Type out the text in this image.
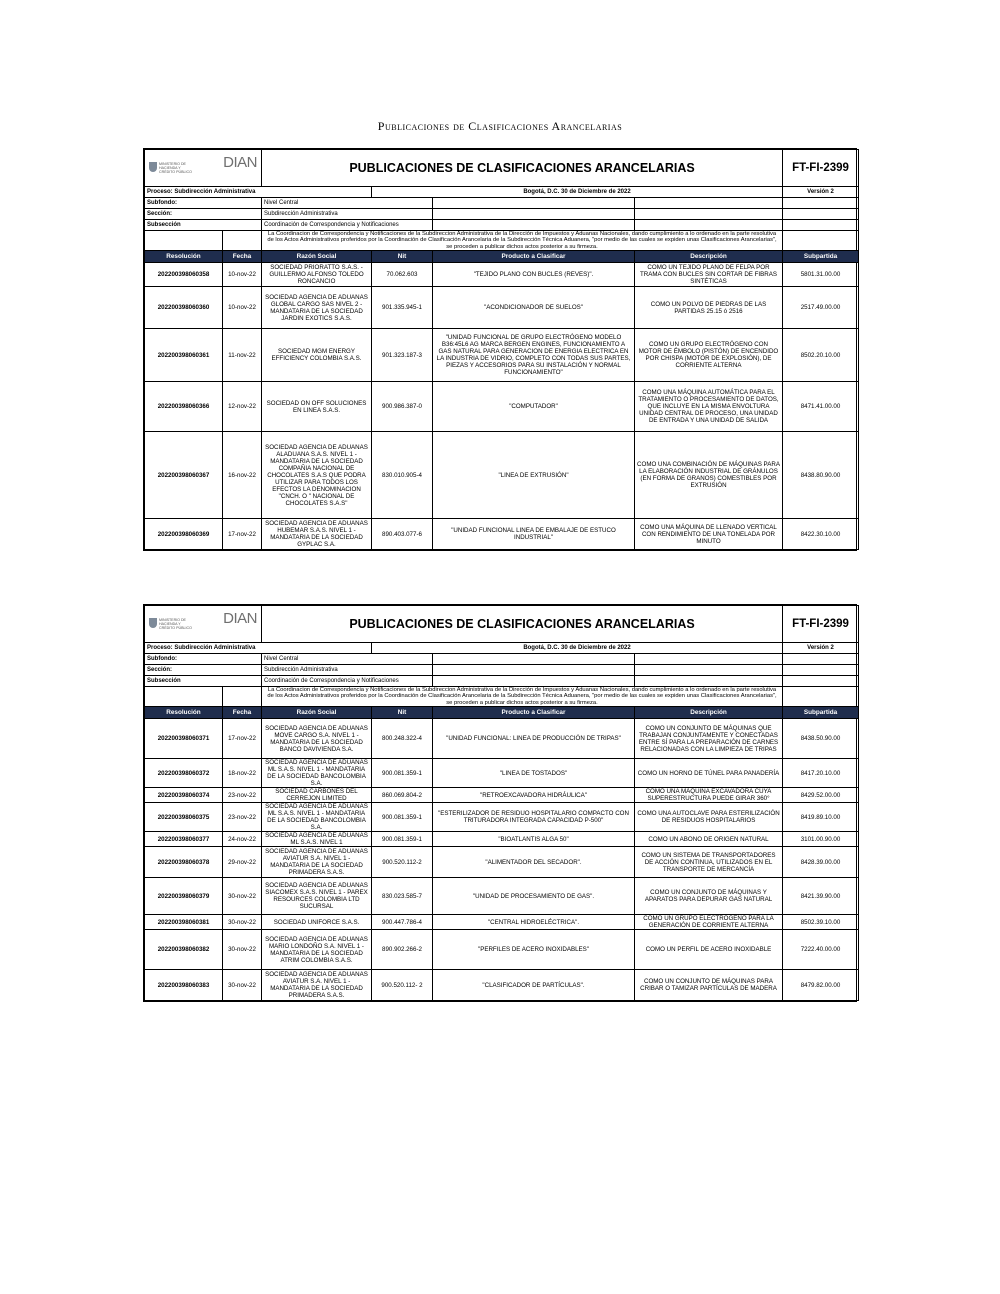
Publicaciones de Clasificaciones Arancelarias
MINISTERIO DE HACIENDA Y CRÉDITO PÚBLICO
DIAN		PUBLICACIONES DE CLASIFICACIONES ARANCELARIAS				FT-FI-2399
Proceso: Subdirección Administrativa			Bogotá, D.C. 30 de Diciembre de 2022			Versión 2
Subfondo:		Nivel Central				
Sección:		Subdirección Administrativa				
Subsección		Coordinación de Correspondencia y Notificaciones				
		La Coordinacion de Correspondencia y Notificaciones de la Subdireccion Administrativa de la Dirección de Impuestos y Aduanas Nacionales, dando cumplimiento a lo ordenado en la parte resolutiva de los Actos Administrativos proferidos por la Coordinación de Clasificación Arancelaria de la Subdirección Técnica Aduanera, "por medio de las cuales se expiden unas Clasificaciones Arancelarias", se proceden a publicar dichos actos posterior a su firmeza.				
Resolución	Fecha	Razón Social	Nit	Producto a Clasificar	Descripción	Subpartida
202200398060358	10-nov-22	SOCIEDAD PRIORATTO S.A.S. - GUILLERMO ALFONSO TOLEDO RONCANCIO	70.062.603	"TEJIDO PLANO CON BUCLES (REVES)".	COMO UN TEJIDO PLANO DE FELPA POR TRAMA CON BUCLES SIN CORTAR DE FIBRAS SINTÉTICAS	5801.31.00.00
202200398060360	10-nov-22	SOCIEDAD AGENCIA DE ADUANAS GLOBAL CARGO SAS NIVEL 2 - MANDATARIA DE LA SOCIEDAD JARDIN EXOTICS S.A.S.	901.335.945-1	"ACONDICIONADOR DE SUELOS"	COMO UN POLVO DE PIEDRAS DE LAS PARTIDAS 25.15 ó 2516	2517.49.00.00
202200398060361	11-nov-22	SOCIEDAD MGM ENERGY EFFICIENCY COLOMBIA S.A.S.	901.323.187-3	"UNIDAD FUNCIONAL DE GRUPO ELECTRÓGENO MODELO B36:45L6 AG MARCA BERGEN ENGINES, FUNCIONAMIENTO A GAS NATURAL PARA GENERACION DE ENERGIA ELECTRICA EN LA INDUSTRIA DE VIDRIO, COMPLETO CON TODAS SUS PARTES, PIEZAS Y ACCESORIOS PARA SU INSTALACIÓN Y NORMAL FUNCIONAMIENTO"	COMO UN GRUPO ELECTRÓGENO CON MOTOR DE ÉMBOLO (PISTÓN) DE ENCENDIDO POR CHISPA (MOTOR DE EXPLOSIÓN), DE CORRIENTE ALTERNA	8502.20.10.00
202200398060366	12-nov-22	SOCIEDAD ON OFF SOLUCIONES EN LINEA S.A.S.	900.986.387-0	"COMPUTADOR"	COMO UNA MÁQUINA AUTOMÁTICA PARA EL TRATAMIENTO O PROCESAMIENTO DE DATOS, QUE INCLUYE EN LA MISMA ENVOLTURA UNIDAD CENTRAL DE PROCESO, UNA UNIDAD DE ENTRADA Y UNA UNIDAD DE SALIDA	8471.41.00.00
202200398060367	16-nov-22	SOCIEDAD AGENCIA DE ADUANAS ALADUANA S.A.S. NIVEL 1 - MANDATARIA DE LA SOCIEDAD COMPAÑIA NACIONAL DE CHOCOLATES S.A.S QUE PODRA UTILIZAR PARA TODOS LOS EFECTOS LA DENOMINACION "CNCH. O " NACIONAL DE CHOCOLATES S.A.S"	830.010.905-4	"LINEA DE EXTRUSIÓN"	COMO UNA COMBINACIÓN DE MÁQUINAS PARA LA ELABORACIÓN INDUSTRIAL DE GRÁNULOS (EN FORMA DE GRANOS) COMESTIBLES POR EXTRUSIÓN	8438.80.90.00
202200398060369	17-nov-22	SOCIEDAD AGENCIA DE ADUANAS HUBEMAR S.A.S. NIVEL 1 - MANDATARIA DE LA SOCIEDAD GYPLAC S.A.	890.403.077-6	"UNIDAD FUNCIONAL LINEA DE EMBALAJE DE ESTUCO INDUSTRIAL"	COMO UNA MÁQUINA DE LLENADO VERTICAL CON RENDIMIENTO DE UNA TONELADA POR MINUTO	8422.30.10.00
MINISTERIO DE HACIENDA Y CRÉDITO PÚBLICO
DIAN		PUBLICACIONES DE CLASIFICACIONES ARANCELARIAS				FT-FI-2399
Proceso: Subdirección Administrativa			Bogotá, D.C. 30 de Diciembre de 2022			Versión 2
Subfondo:		Nivel Central				
Sección:		Subdirección Administrativa				
Subsección		Coordinación de Correspondencia y Notificaciones				
		La Coordinacion de Correspondencia y Notificaciones de la Subdireccion Administrativa de la Dirección de Impuestos y Aduanas Nacionales, dando cumplimiento a lo ordenado en la parte resolutiva de los Actos Administrativos proferidos por la Coordinación de Clasificación Arancelaria de la Subdirección Técnica Aduanera, "por medio de las cuales se expiden unas Clasificaciones Arancelarias", se proceden a publicar dichos actos posterior a su firmeza.				
Resolución	Fecha	Razón Social	Nit	Producto a Clasificar	Descripción	Subpartida
202200398060371	17-nov-22	SOCIEDAD AGENCIA DE ADUANAS MOVE CARGO S.A. NIVEL 1 - MANDATARIA DE LA SOCIEDAD BANCO DAVIVIENDA S.A.	800.248.322-4	"UNIDAD FUNCIONAL: LINEA DE PRODUCCIÓN DE TRIPAS"	COMO UN CONJUNTO DE MÁQUINAS QUE TRABAJAN CONJUNTAMENTE Y CONECTADAS ENTRE SÍ PARA LA PREPARACIÓN DE CARNES RELACIONADAS CON LA LIMPIEZA DE TRIPAS	8438.50.90.00
202200398060372	18-nov-22	SOCIEDAD AGENCIA DE ADUANAS ML S.A.S. NIVEL 1 - MANDATARIA DE LA SOCIEDAD BANCOLOMBIA S.A.	900.081.359-1	"LINEA DE TOSTADOS"	COMO UN HORNO DE TÚNEL PARA PANADERÍA	8417.20.10.00
202200398060374	23-nov-22	SOCIEDAD CARBONES DEL CERREJON LIMITED	860.069.804-2	"RETROEXCAVADORA HIDRÁULICA"	COMO UNA MÁQUINA EXCAVADORA CUYA SUPERESTRUCTURA PUEDE GIRAR 360°	8429.52.00.00
202200398060375	23-nov-22	SOCIEDAD AGENCIA DE ADUANAS ML S.A.S. NIVEL 1 - MANDATARIA DE LA SOCIEDAD BANCOLOMBIA S.A.	900.081.359-1	"ESTERILIZADOR DE RESIDUO HOSPITALARIO COMPACTO CON TRITURADORA INTEGRADA CAPACIDAD P-500"	COMO UNA AUTOCLAVE PARA ESTERILIZACIÓN DE RESIDUOS HOSPITALARIOS	8419.89.10.00
202200398060377	24-nov-22	SOCIEDAD AGENCIA DE ADUANAS ML S.A.S. NIVEL 1	900.081.359-1	"BIOATLANTIS ALGA 50"	COMO UN ABONO DE ORIGEN NATURAL	3101.00.90.00
202200398060378	29-nov-22	SOCIEDAD AGENCIA DE ADUANAS AVIATUR S.A. NIVEL 1 - MANDATARIA DE LA SOCIEDAD PRIMADERA S.A.S.	900.520.112-2	"ALIMENTADOR DEL SECADOR".	COMO UN SISTEMA DE TRANSPORTADORES DE ACCIÓN CONTINUA, UTILIZADOS EN EL TRANSPORTE DE MERCANCÍA	8428.39.00.00
202200398060379	30-nov-22	SOCIEDAD AGENCIA DE ADUANAS SIACOMEX S.A.S. NIVEL 1 - PAREX RESOURCES COLOMBIA LTD SUCURSAL	830.023.585-7	"UNIDAD DE PROCESAMIENTO DE GAS".	COMO UN CONJUNTO DE MÁQUINAS Y APARATOS PARA DEPURAR GAS NATURAL	8421.39.90.00
202200398060381	30-nov-22	SOCIEDAD UNIFORCE S.A.S.	900.447.786-4	"CENTRAL HIDROELÉCTRICA".	COMO UN GRUPO ELECTRÓGENO PARA LA GENERACIÓN DE CORRIENTE ALTERNA	8502.39.10.00
202200398060382	30-nov-22	SOCIEDAD AGENCIA DE ADUANAS MARIO LONDOÑO S.A. NIVEL 1 - MANDATARIA DE LA SOCIEDAD ATRIM COLOMBIA S.A.S.	890.902.266-2	"PERFILES DE ACERO INOXIDABLES"	COMO UN PERFIL DE ACERO INOXIDABLE	7222.40.00.00
202200398060383	30-nov-22	SOCIEDAD AGENCIA DE ADUANAS AVIATUR S.A. NIVEL 1 - MANDATARIA DE LA SOCIEDAD PRIMADERA S.A.S.	900.520.112- 2	"CLASIFICADOR DE PARTÍCULAS".	COMO UN CONJUNTO DE MÁQUINAS PARA CRIBAR O TAMIZAR PARTÍCULAS DE MADERA	8479.82.00.00
